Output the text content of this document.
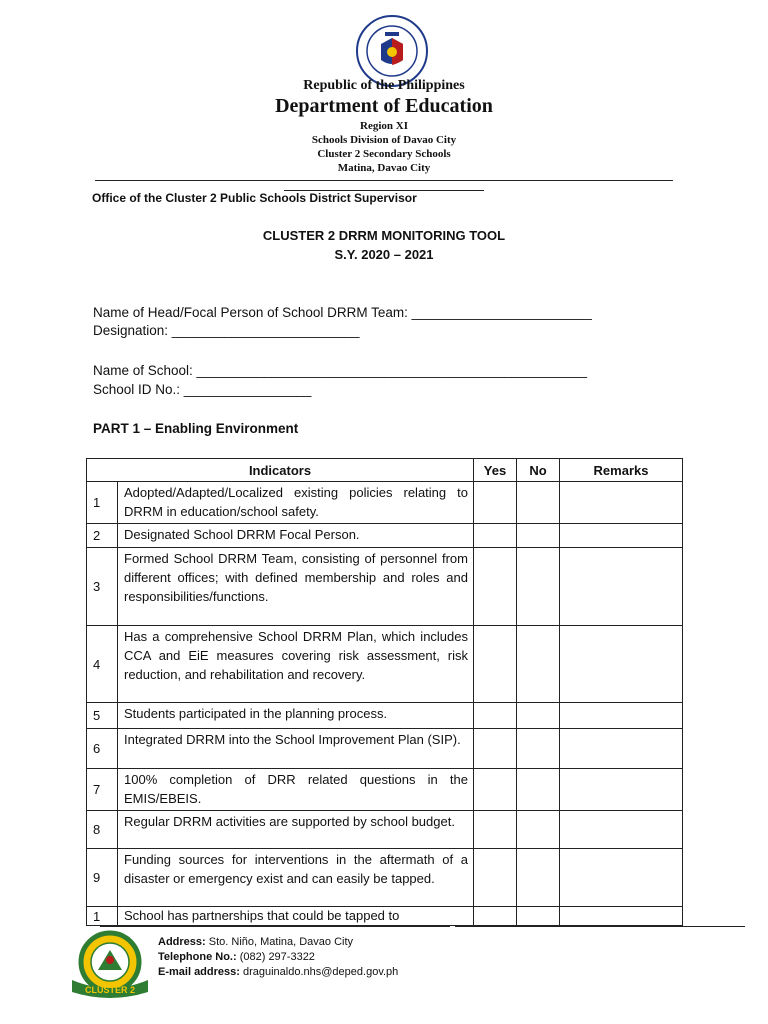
Republic of the Philippines
Department of Education
Region XI
Schools Division of Davao City
Cluster 2 Secondary Schools
Matina, Davao City
Office of the Cluster 2 Public Schools District Supervisor
CLUSTER 2 DRRM MONITORING TOOL
S.Y. 2020 – 2021
Name of Head/Focal Person of School DRRM Team: ________________________
Designation: _________________________
Name of School: ____________________________________________________
School ID No.: _________________
PART 1 – Enabling Environment
Indicators		Yes	No	Remarks
1	Adopted/Adapted/Localized existing policies relating to DRRM in education/school safety.			
2	Designated School DRRM Focal Person.			
3	Formed School DRRM Team, consisting of personnel from different offices; with defined membership and roles and responsibilities/functions.			
4	Has a comprehensive School DRRM Plan, which includes CCA and EiE measures covering risk assessment, risk reduction, and rehabilitation and recovery.			
5	Students participated in the planning process.			
6	Integrated DRRM into the School Improvement Plan (SIP).			
7	100% completion of DRR related questions in the EMIS/EBEIS.			
8	Regular DRRM activities are supported by school budget.			
9	Funding sources for interventions in the aftermath of a disaster or emergency exist and can easily be tapped.			
1	School has partnerships that could be tapped to			
CLUSTER 2
Address: Sto. Niño, Matina, Davao City
Telephone No.: (082) 297-3322
E-mail address: draguinaldo.nhs@deped.gov.ph
